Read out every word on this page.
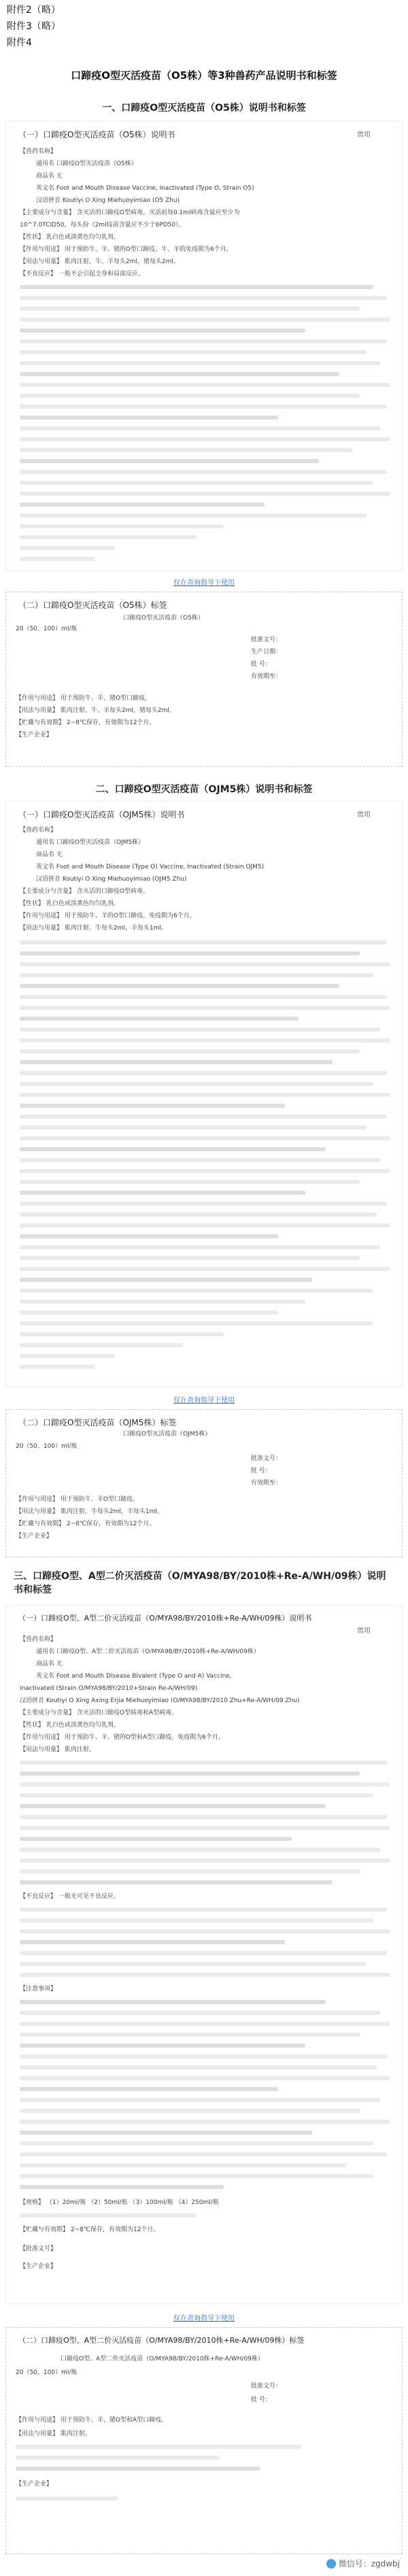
附件2（略）
附件3（略）
附件4
口蹄疫O型灭活疫苗（O5株）等3种兽药产品说明书和标签
一、口蹄疫O型灭活疫苗（O5株）说明书和标签
（一）口蹄疫O型灭活疫苗（O5株）说明书	兽用
【兽药名称】
通用名 口蹄疫O型灭活疫苗（O5株）
商品名 无
英文名 Foot and Mouth Disease Vaccine, Inactivated (Type O, Strain O5)
汉语拼音 Koutiyi O Xing Miehuoyimiao (O5 Zhu)
【主要成分与含量】 含灭活的口蹄疫O型病毒。灭活前每0.1ml病毒含量应至少为
10^7.0TCID50，每头份（2ml疫苗含量应不少于6PD50）。
【性状】 乳白色或淡黄色均匀乳剂。
【作用与用途】 用于预防牛、羊、猪的O型口蹄疫。牛、羊的免疫期为6个月。
【用法与用量】 肌肉注射。牛、羊每头2ml，猪每头2ml。
【不良反应】 一般不会引起全身和局部反应。
仅在查询指导下使用
（二）口蹄疫O型灭活疫苗（O5株）标签
口蹄疫O型灭活疫苗（O5株）
20（50、100）ml/瓶
批准文号：
生产日期：
批 号：
有效期至：
【作用与用途】 用于预防牛、羊、猪O型口蹄疫。
【用法与用量】 肌肉注射。牛、羊每头2ml，猪每头2ml。
【贮藏与有效期】 2~8℃保存，有效期为12个月。
【生产企业】
二、口蹄疫O型灭活疫苗（OJM5株）说明书和标签
（一）口蹄疫O型灭活疫苗（OJM5株）说明书	兽用
【兽药名称】
通用名 口蹄疫O型灭活疫苗（OJM5株）
商品名 无
英文名 Foot and Mouth Disease (Type O) Vaccine, Inactivated (Strain OJM5)
汉语拼音 Koutiyi O Xing Miehuoyimiao (OJM5 Zhu)
【主要成分与含量】 含灭活的口蹄疫O型病毒。
【性状】 乳白色或淡黄色均匀乳剂。
【作用与用途】 用于预防牛、羊的O型口蹄疫。免疫期为6个月。
【用法与用量】 肌肉注射。牛每头2ml，羊每头1ml。
仅在查询指导下使用
（二）口蹄疫O型灭活疫苗（OJM5株）标签
口蹄疫O型灭活疫苗（OJM5株）
20（50、100）ml/瓶
批准文号：
批 号：
有效期至：
【作用与用途】 用于预防牛、羊O型口蹄疫。
【用法与用量】 肌肉注射。牛每头2ml，羊每头1ml。
【贮藏与有效期】 2~8℃保存，有效期为12个月。
【生产企业】
三、口蹄疫O型、A型二价灭活疫苗（O/MYA98/BY/2010株+Re-A/WH/09株）说明书和标签
（一）口蹄疫O型、A型二价灭活疫苗（O/MYA98/BY/2010株+Re-A/WH/09株）说明书
兽用
【兽药名称】
通用名 口蹄疫O型、A型二价灭活疫苗（O/MYA98/BY/2010株+Re-A/WH/09株）
商品名 无
英文名 Foot and Mouth Disease Bivalent (Type O and A) Vaccine,
Inactivated (Strain O/MYA98/BY/2010+Strain Re-A/WH/09)
汉语拼音 Koutiyi O Xing Axing Erjia Miehuoyimiao (O/MYA98/BY/2010 Zhu+Re-A/WH/09 Zhu)
【主要成分与含量】 含灭活的口蹄疫O型病毒和A型病毒。
【性状】 乳白色或淡黄色均匀乳剂。
【作用与用途】 用于预防牛、羊、猪的O型和A型口蹄疫。免疫期为6个月。
【用法与用量】 肌肉注射。
【不良反应】 一般无可见不良反应。
【注意事项】
【规格】 （1）20ml/瓶 （2）50ml/瓶 （3）100ml/瓶 （4）250ml/瓶
【贮藏与有效期】 2~8℃保存，有效期为12个月。
【批准文号】
【生产企业】
仅在查询指导下使用
（二）口蹄疫O型、A型二价灭活疫苗（O/MYA98/BY/2010株+Re-A/WH/09株）标签
口蹄疫O型、A型二价灭活疫苗（O/MYA98/BY/2010株+Re-A/WH/09株）
20（50、100）ml/瓶
批准文号：
批 号：
【作用与用途】 用于预防牛、羊、猪O型和A型口蹄疫。
【用法与用量】 肌肉注射。
【生产企业】
微信号：zgdwbj
